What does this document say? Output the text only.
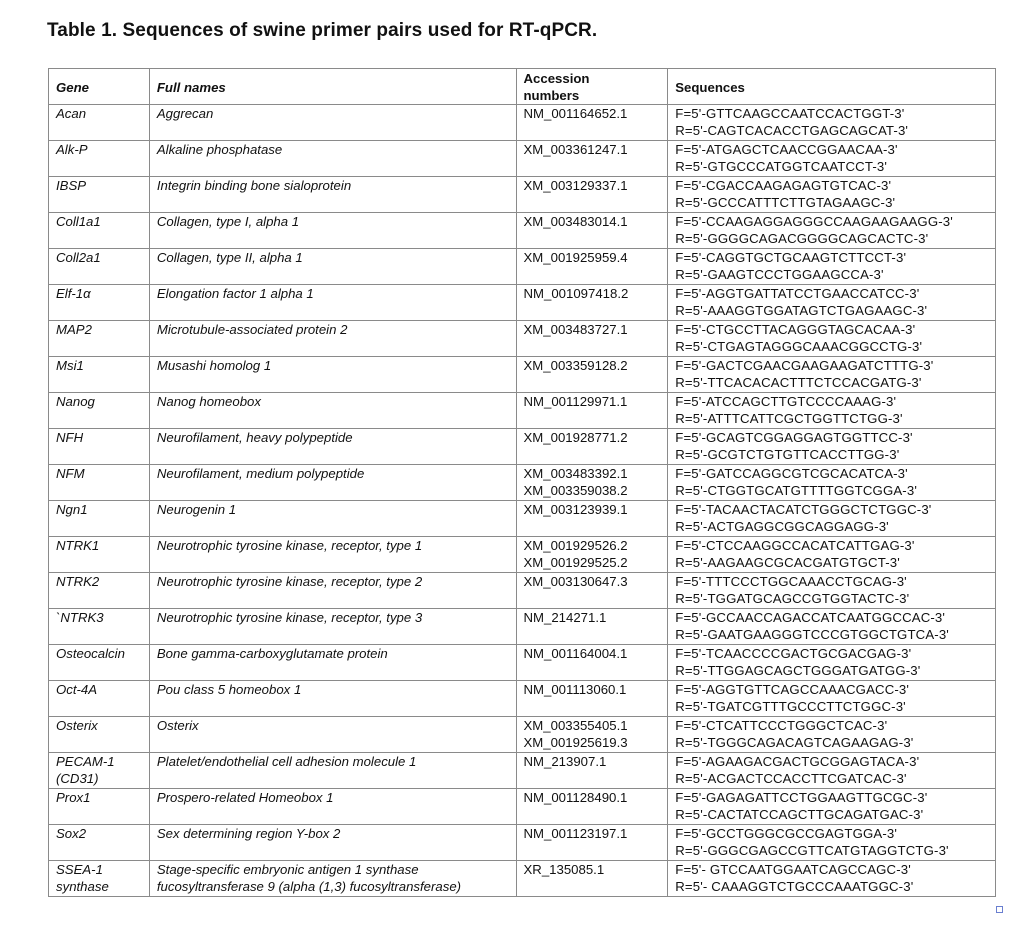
Table 1. Sequences of swine primer pairs used for RT-qPCR.
Gene	Full names	Accession
numbers	Sequences

Acan	Aggrecan	NM_001164652.1	F=5'-GTTCAAGCCAATCCACTGGT-3'
R=5'-CAGTCACACCTGAGCAGCAT-3'

Alk-P	Alkaline phosphatase	XM_003361247.1	F=5'-ATGAGCTCAACCGGAACAA-3'
R=5'-GTGCCCATGGTCAATCCT-3'

IBSP	Integrin binding bone sialoprotein	XM_003129337.1	F=5'-CGACCAAGAGAGTGTCAC-3'
R=5'-GCCCATTTCTTGTAGAAGC-3'

Coll1a1	Collagen, type I, alpha 1	XM_003483014.1	F=5'-CCAAGAGGAGGGCCAAGAAGAAGG-3'
R=5'-GGGGCAGACGGGGCAGCACTC-3'

Coll2a1	Collagen, type II, alpha 1	XM_001925959.4	F=5'-CAGGTGCTGCAAGTCTTCCT-3'
R=5'-GAAGTCCCTGGAAGCCA-3'

Elf-1α	Elongation factor 1 alpha 1	NM_001097418.2	F=5'-AGGTGATTATCCTGAACCATCC-3'
R=5'-AAAGGTGGATAGTCTGAGAAGC-3'

MAP2	Microtubule-associated protein 2	XM_003483727.1	F=5'-CTGCCTTACAGGGTAGCACAA-3'
R=5'-CTGAGTAGGGCAAACGGCCTG-3'

Msi1	Musashi homolog 1	XM_003359128.2	F=5'-GACTCGAACGAAGAAGATCTTTG-3'
R=5'-TTCACACACTTTCTCCACGATG-3'

Nanog	Nanog homeobox	NM_001129971.1	F=5'-ATCCAGCTTGTCCCCAAAG-3'
R=5'-ATTTCATTCGCTGGTTCTGG-3'

NFH	Neurofilament, heavy polypeptide	XM_001928771.2	F=5'-GCAGTCGGAGGAGTGGTTCC-3'
R=5'-GCGTCTGTGTTCACCTTGG-3'

NFM	Neurofilament, medium polypeptide	XM_003483392.1
XM_003359038.2	F=5'-GATCCAGGCGTCGCACATCA-3'
R=5'-CTGGTGCATGTTTTGGTCGGA-3'

Ngn1	Neurogenin 1	XM_003123939.1	F=5'-TACAACTACATCTGGGCTCTGGC-3'
R=5'-ACTGAGGCGGCAGGAGG-3'

NTRK1	Neurotrophic tyrosine kinase, receptor, type 1	XM_001929526.2
XM_001929525.2	F=5'-CTCCAAGGCCACATCATTGAG-3'
R=5'-AAGAAGCGCACGATGTGCT-3'

NTRK2	Neurotrophic tyrosine kinase, receptor, type 2	XM_003130647.3	F=5'-TTTCCCTGGCAAACCTGCAG-3'
R=5'-TGGATGCAGCCGTGGTACTC-3'

`NTRK3	Neurotrophic tyrosine kinase, receptor, type 3	NM_214271.1	F=5'-GCCAACCAGACCATCAATGGCCAC-3'
R=5'-GAATGAAGGGTCCCGTGGCTGTCA-3'

Osteocalcin	Bone gamma-carboxyglutamate protein	NM_001164004.1	F=5'-TCAACCCCGACTGCGACGAG-3'
R=5'-TTGGAGCAGCTGGGATGATGG-3'

Oct-4A	Pou class 5 homeobox 1	NM_001113060.1	F=5'-AGGTGTTCAGCCAAACGACC-3'
R=5'-TGATCGTTTGCCCTTCTGGC-3'

Osterix	Osterix	XM_003355405.1
XM_001925619.3	F=5'-CTCATTCCCTGGGCTCAC-3'
R=5'-TGGGCAGACAGTCAGAAGAG-3'

PECAM-1
(CD31)	Platelet/endothelial cell adhesion molecule 1	NM_213907.1	F=5'-AGAAGACGACTGCGGAGTACA-3'
R=5'-ACGACTCCACCTTCGATCAC-3'

Prox1	Prospero-related Homeobox 1	NM_001128490.1	F=5'-GAGAGATTCCTGGAAGTTGCGC-3'
R=5'-CACTATCCAGCTTGCAGATGAC-3'

Sox2	Sex determining region Y-box 2	NM_001123197.1	F=5'-GCCTGGGCGCCGAGTGGA-3'
R=5'-GGGCGAGCCGTTCATGTAGGTCTG-3'

SSEA-1
synthase	Stage-specific embryonic antigen 1 synthase
fucosyltransferase 9 (alpha (1,3) fucosyltransferase)	XR_135085.1	F=5'- GTCCAATGGAATCAGCCAGC-3'
R=5'- CAAAGGTCTGCCCAAATGGC-3'
